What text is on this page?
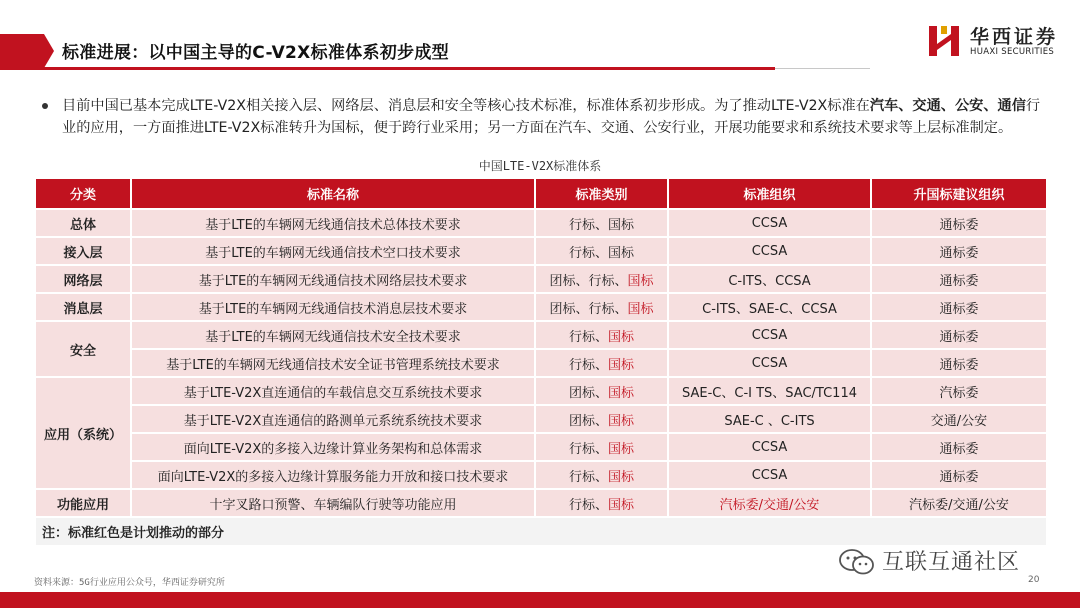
标准进展：以中国主导的C-V2X标准体系初步成型
华西证券
HUAXI SECURITIES
目前中国已基本完成LTE-V2X相关接入层、网络层、消息层和安全等核心技术标准，标准体系初步形成。为了推动LTE-V2X标准在汽车、交通、公安、通信行业的应用，一方面推进LTE-V2X标准转升为国标，便于跨行业采用；另一方面在汽车、交通、公安行业，开展功能要求和系统技术要求等上层标准制定。
中国LTE-V2X标准体系
分类	标准名称	标准类别	标准组织	升国标建议组织
总体	基于LTE的车辆网无线通信技术总体技术要求	行标、国标	CCSA	通标委
接入层	基于LTE的车辆网无线通信技术空口技术要求	行标、国标	CCSA	通标委
网络层	基于LTE的车辆网无线通信技术网络层技术要求	团标、行标、国标	C-ITS、CCSA	通标委
消息层	基于LTE的车辆网无线通信技术消息层技术要求	团标、行标、国标	C-ITS、SAE-C、CCSA	通标委
安全	基于LTE的车辆网无线通信技术安全技术要求	行标、国标	CCSA	通标委
	基于LTE的车辆网无线通信技术安全证书管理系统技术要求	行标、国标	CCSA	通标委
应用（系统）	基于LTE-V2X直连通信的车载信息交互系统技术要求	团标、国标	SAE-C、C-I TS、SAC/TC114	汽标委
	基于LTE-V2X直连通信的路测单元系统系统技术要求	团标、国标	SAE-C 、C-ITS	交通/公安
	面向LTE-V2X的多接入边缘计算业务架构和总体需求	行标、国标	CCSA	通标委
	面向LTE-V2X的多接入边缘计算服务能力开放和接口技术要求	行标、国标	CCSA	通标委
功能应用	十字叉路口预警、车辆编队行驶等功能应用	行标、国标	汽标委/交通/公安	汽标委/交通/公安
注：标准红色是计划推动的部分				
互联互通社区
资料来源：5G行业应用公众号，华西证券研究所	20
